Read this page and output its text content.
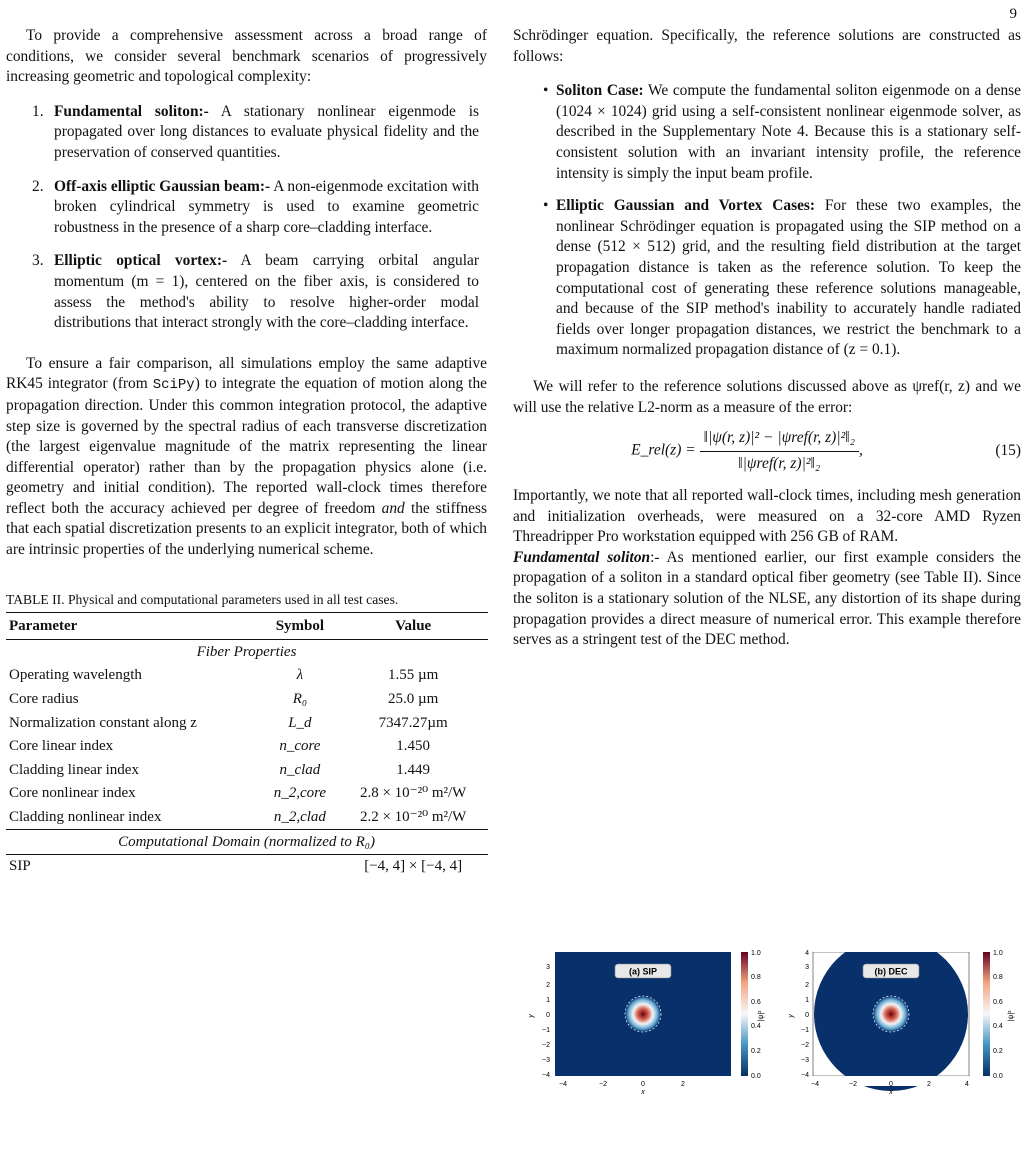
9

To provide a comprehensive assessment across a broad range of conditions, we consider several benchmark scenarios of progressively increasing geometric and topological complexity:

1. Fundamental soliton:- A stationary nonlinear eigenmode is propagated over long distances to evaluate physical fidelity and the preservation of conserved quantities.
2. Off-axis elliptic Gaussian beam:- A non-eigenmode excitation with broken cylindrical symmetry is used to examine geometric robustness in the presence of a sharp core–cladding interface.
3. Elliptic optical vortex:- A beam carrying orbital angular momentum (m = 1), centered on the fiber axis, is considered to assess the method's ability to resolve higher-order modal distributions that interact strongly with the core–cladding interface.

To ensure a fair comparison, all simulations employ the same adaptive RK45 integrator (from SciPy) to integrate the equation of motion along the propagation direction. Under this common integration protocol, the adaptive step size is governed by the spectral radius of each transverse discretization (the largest eigenvalue magnitude of the matrix representing the linear differential operator) rather than by the propagation physics alone (i.e. geometry and initial condition). The reported wall-clock times therefore reflect both the accuracy achieved per degree of freedom and the stiffness that each spatial discretization presents to an explicit integrator, both of which are intrinsic properties of the underlying numerical scheme.

TABLE II. Physical and computational parameters used in all test cases.
Parameter	Symbol	Value
Fiber Properties		
Operating wavelength	λ	1.55 µm
Core radius	R₀	25.0 µm
Normalization constant along z	L_d	7347.27µm
Core linear index	n_core	1.450
Cladding linear index	n_clad	1.449
Core nonlinear index	n_2,core	2.8 × 10⁻²⁰ m²/W
Cladding nonlinear index	n_2,clad	2.2 × 10⁻²⁰ m²/W
Computational Domain (normalized to R₀)		
SIP		[−4, 4] × [−4, 4]

Schrödinger equation. Specifically, the reference solutions are constructed as follows:

• Soliton Case: We compute the fundamental soliton eigenmode on a dense (1024 × 1024) grid using a self-consistent nonlinear eigenmode solver, as described in the Supplementary Note 4. Because this is a stationary self-consistent solution with an invariant intensity profile, the reference intensity is simply the input beam profile.
• Elliptic Gaussian and Vortex Cases: For these two examples, the nonlinear Schrödinger equation is propagated using the SIP method on a dense (512 × 512) grid, and the resulting field distribution at the target propagation distance is taken as the reference solution. To keep the computational cost of generating these reference solutions manageable, and because of the SIP method's inability to accurately handle radiated fields over longer propagation distances, we restrict the benchmark to a maximum normalized propagation distance of (z = 0.1).

We will refer to the reference solutions discussed above as ψref(r, z) and we will use the relative L2-norm as a measure of the error:

E_rel(z) = $\frac{\text{‖|ψ(r, z)|² − |ψref(r, z)|²‖₂}}{\text{‖|ψref(r, z)|²‖₂}}$ ,	(15)

Importantly, we note that all reported wall-clock times, including mesh generation and initialization overheads, were measured on a 32-core AMD Ryzen Threadripper Pro workstation equipped with 256 GB of RAM.

Fundamental soliton:- As mentioned earlier, our first example considers the propagation of a soliton in a standard optical fiber geometry (see Table II). Since the soliton is a stationary solution of the NLSE, any distortion of its shape during propagation provides a direct measure of numerical error. This example therefore serves as a stringent test of the DEC method.

(a) SIP
1.0
0.8
0.6
0.4
0.2
0.0
|ψ|²
−4	−2	0	2
x
3
2
1
0
−1
−2
−3
−4
y
(b) DEC
1.0
0.8
0.6
0.4
0.2
0.0
|ψ|²
−4	−2	0	2	4
x
4
3
2
1
0
−1
−2
−3
−4
y
